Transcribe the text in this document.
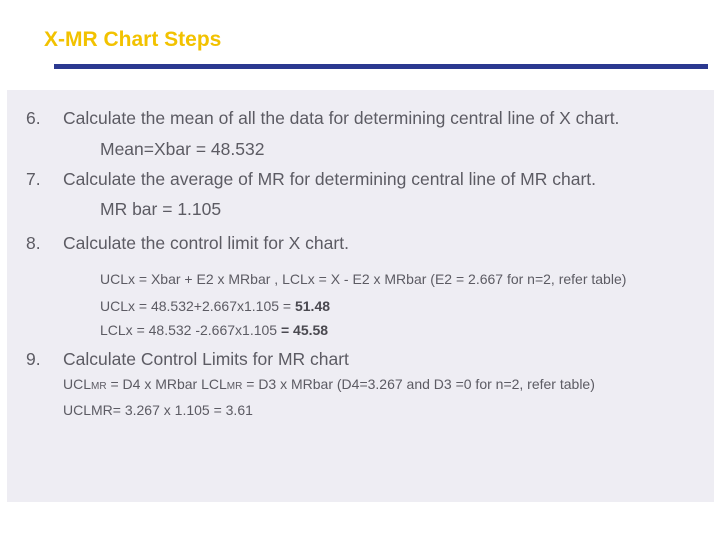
X-MR Chart Steps
6. Calculate the mean of all the data for determining central line of X chart.
Mean=Xbar = 48.532
7. Calculate the average of MR for determining central line of MR chart.
MR bar = 1.105
8. Calculate the control limit for X chart.
UCLx = Xbar + E2 x MRbar , LCLx = X - E2 x MRbar (E2 = 2.667 for n=2, refer table)
UCLx = 48.532+2.667x1.105 = 51.48
LCLx = 48.532 -2.667x1.105 = 45.58
9. Calculate Control Limits for MR chart
UCLMR = D4 x MRbar LCLMR = D3 x MRbar (D4=3.267 and D3 =0 for n=2, refer table)
UCLMR= 3.267 x 1.105 = 3.61
